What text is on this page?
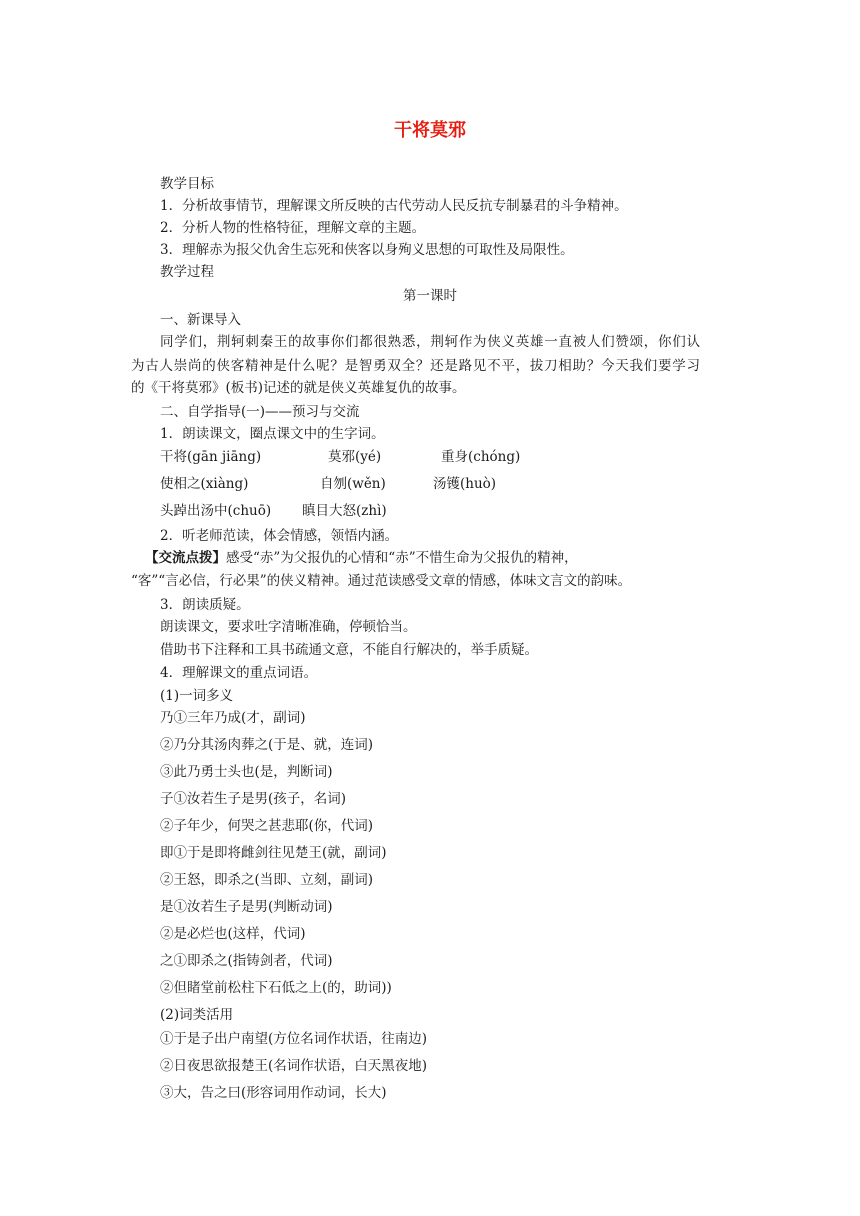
干将莫邪
教学目标
1．分析故事情节，理解课文所反映的古代劳动人民反抗专制暴君的斗争精神。
2．分析人物的性格特征，理解文章的主题。
3．理解赤为报父仇舍生忘死和侠客以身殉义思想的可取性及局限性。
教学过程
第一课时
一、新课导入
同学们，荆轲刺秦王的故事你们都很熟悉，荆轲作为侠义英雄一直被人们赞颂，你们认
为古人崇尚的侠客精神是什么呢？是智勇双全？还是路见不平，拔刀相助？今天我们要学习
的《干将莫邪》(板书)记述的就是侠义英雄复仇的故事。
二、自学指导(一)——预习与交流
1．朗读课文，圈点课文中的生字词。
干将(gān jiāng)	莫邪(yé)	重身(chóng)
使相之(xiàng)	自刎(wěn)	汤镬(huò)
头踔出汤中(chuō) 瞋目大怒(zhì)
2．听老师范读，体会情感，领悟内涵。
【交流点拨】感受“赤”为父报仇的心情和“赤”不惜生命为父报仇的精神，
“客”“言必信，行必果”的侠义精神。通过范读感受文章的情感，体味文言文的韵味。
3．朗读质疑。
朗读课文，要求吐字清晰准确，停顿恰当。
借助书下注释和工具书疏通文意，不能自行解决的，举手质疑。
4．理解课文的重点词语。
(1)一词多义
乃①三年乃成(才，副词)
②乃分其汤肉葬之(于是、就，连词)
③此乃勇士头也(是，判断词)
子①汝若生子是男(孩子，名词)
②子年少，何哭之甚悲耶(你，代词)
即①于是即将雌剑往见楚王(就，副词)
②王怒，即杀之(当即、立刻，副词)
是①汝若生子是男(判断动词)
②是必烂也(这样，代词)
之①即杀之(指铸剑者，代词)
②但睹堂前松柱下石低之上(的，助词))
(2)词类活用
①于是子出户南望(方位名词作状语，往南边)
②日夜思欲报楚王(名词作状语，白天黑夜地)
③大，告之曰(形容词用作动词，长大)
